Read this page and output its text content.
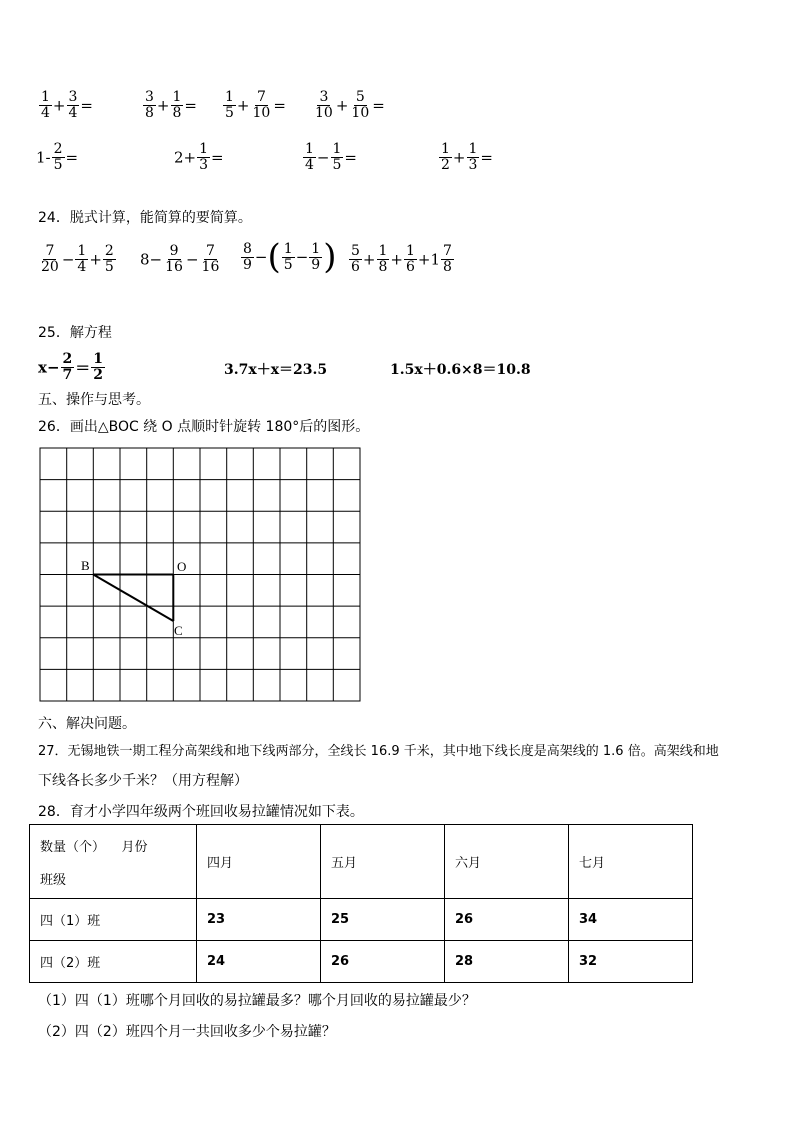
$\frac{1}{4} + \frac{3}{4}$ =	$\frac{3}{8} + \frac{1}{8} = \frac{1}{5} + \frac{7}{10} = \frac{3}{10} + \frac{5}{10}$ =
$1- \frac{2}{5}$ =	$2+ \frac{1}{3}$ =	$\frac{1}{4} - \frac{1}{5}$ =	$\frac{1}{2} + \frac{1}{3}$ =
24．脱式计算，能简算的要简算。
$\frac{7}{20} - \frac{1}{4} + \frac{2}{5} 8- \frac{9}{16} - \frac{7}{16} \frac{8}{9}$ −( $\frac{1}{5} - \frac{1}{9}$ ) $\frac{5}{6} + \frac{1}{8} + \frac{1}{6} +1 \frac{7}{8}$
25．解方程
$x- \frac{2}{7} = \frac{1}{2}$	3.7x＋x＝23.5	1.5x＋0.6×8＝10.8
五、操作与思考。
26．画出△BOC 绕 O 点顺时针旋转 180°后的图形。
B	O
C
六、解决问题。
27．无锡地铁一期工程分高架线和地下线两部分，全线长 16.9 千米，其中地下线长度是高架线的 1.6 倍。高架线和地
下线各长多少千米？（用方程解）
28．育才小学四年级两个班回收易拉罐情况如下表。
数量（个）    月份
班级	四月	五月	六月	七月
四（1）班	23	25	26	34
四（2）班	24	26	28	32
（1）四（1）班哪个月回收的易拉罐最多？哪个月回收的易拉罐最少？
（2）四（2）班四个月一共回收多少个易拉罐？
